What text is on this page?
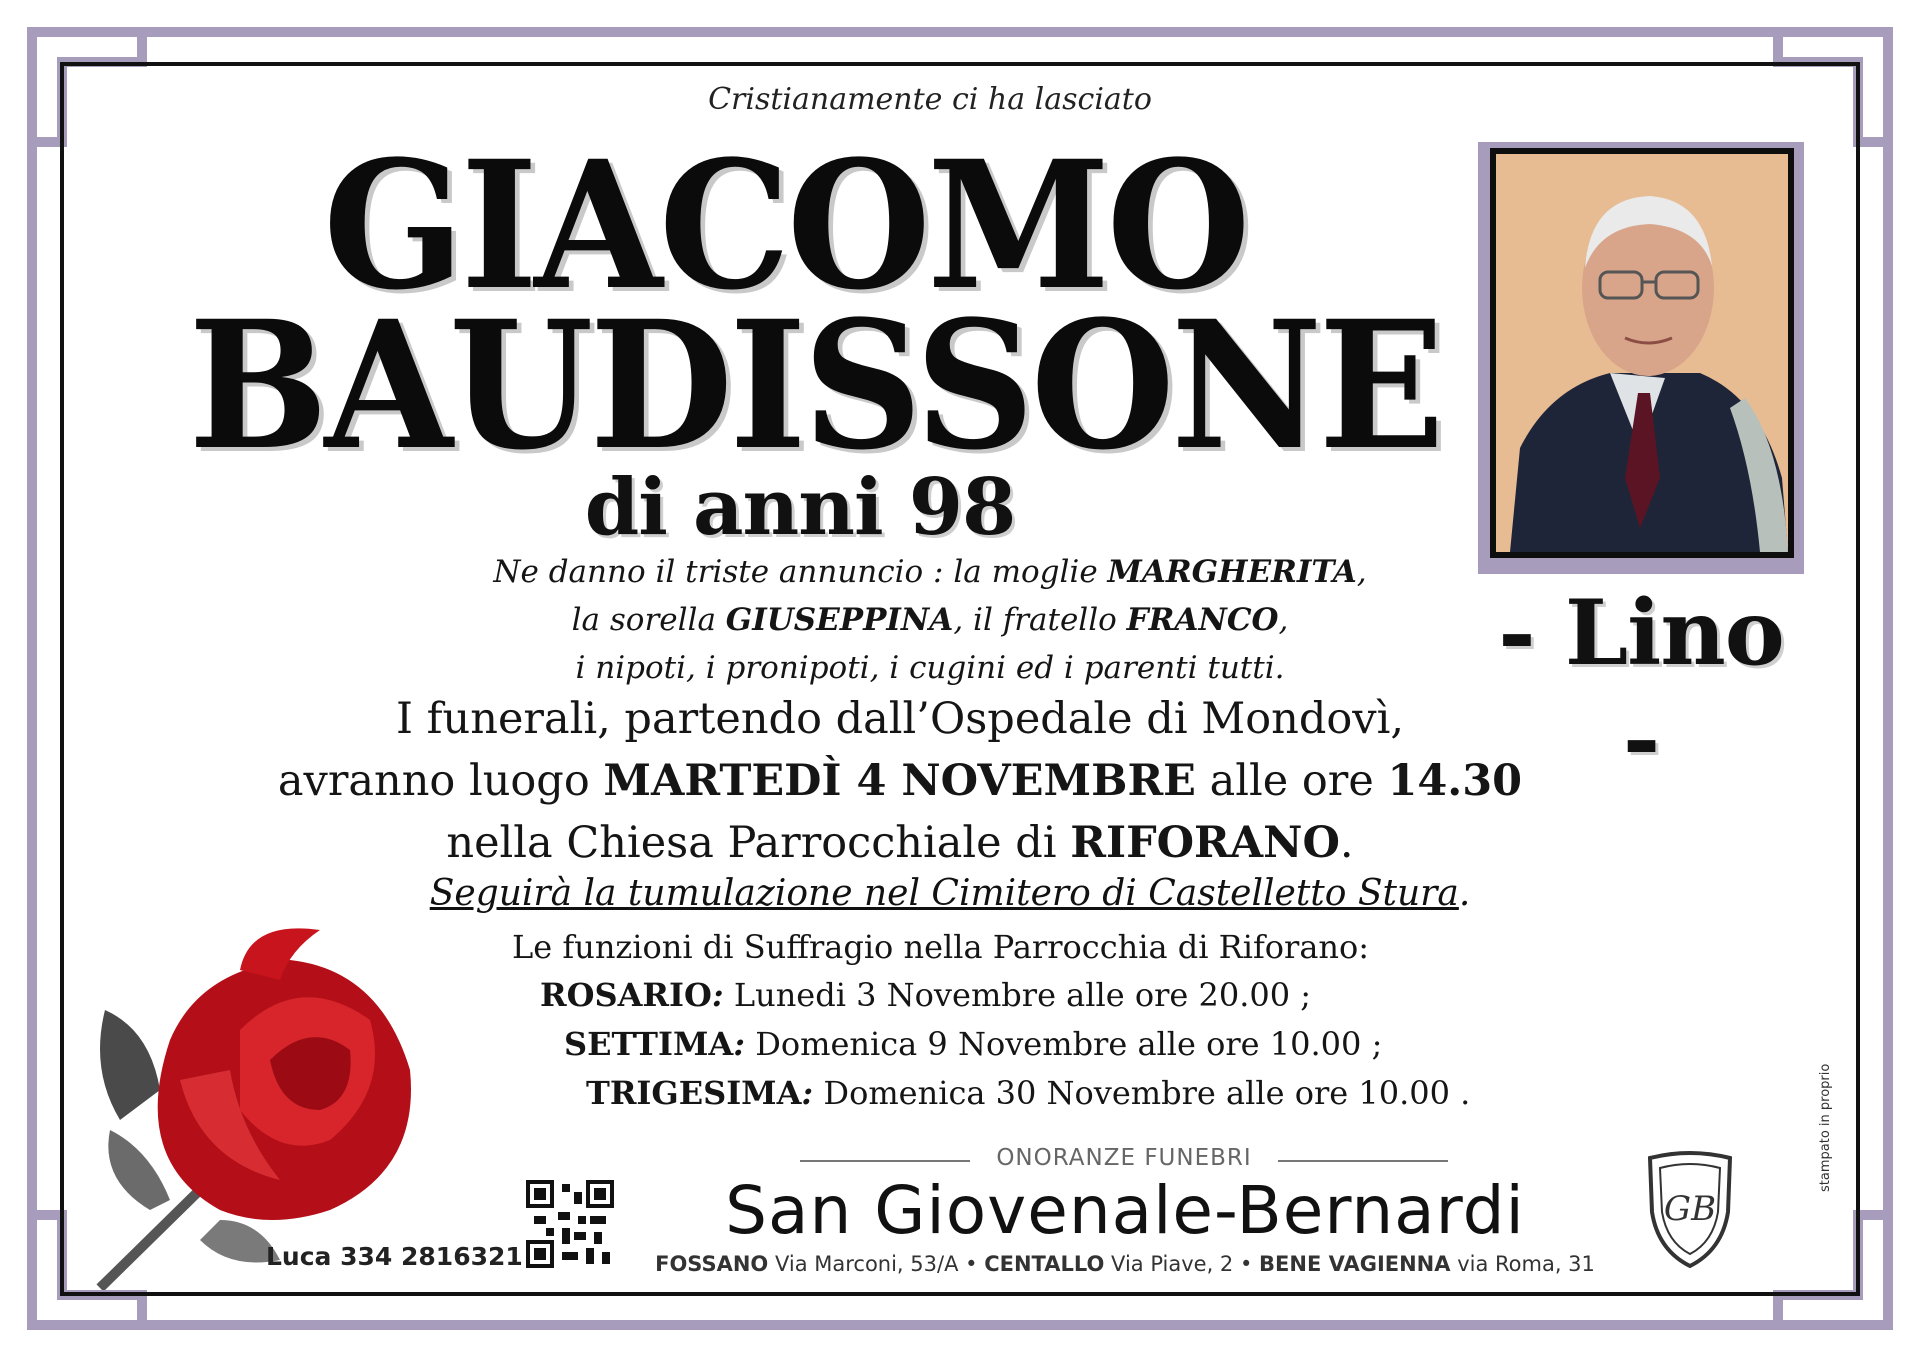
Cristianamente ci ha lasciato
GIACOMO
BAUDISSONE
di anni 98
- Lino -
Ne danno il triste annuncio : la moglie MARGHERITA,
la sorella GIUSEPPINA, il fratello FRANCO,
i nipoti, i pronipoti, i cugini ed i parenti tutti.
I funerali, partendo dall’Ospedale di Mondovì,
avranno luogo MARTEDÌ 4 NOVEMBRE alle ore 14.30
nella Chiesa Parrocchiale di RIFORANO.
Seguirà la tumulazione nel Cimitero di Castelletto Stura.
Le funzioni di Suffragio nella Parrocchia di Riforano:
ROSARIO: Lunedi 3 Novembre alle ore 20.00 ;
SETTIMA: Domenica 9 Novembre alle ore 10.00 ;
TRIGESIMA: Domenica 30 Novembre alle ore 10.00 .
Luca 334 2816321
ONORANZE FUNEBRI
San Giovenale-Bernardi
FOSSANO Via Marconi, 53/A • CENTALLO Via Piave, 2 • BENE VAGIENNA via Roma, 31
GB
stampato in proprio
